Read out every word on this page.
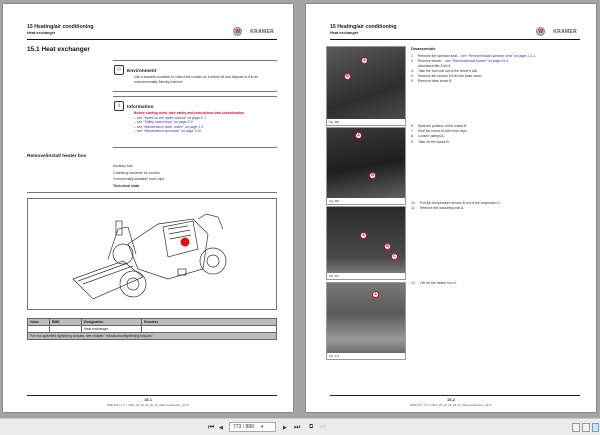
15 Heating/air conditioning
Heat exchanger	W KRAMER
15.1 Heat exchanger
♲	Environment
Use a suitable container to collect the coolant as it drains off and dispose of it in an environmentally friendly manner!
i	Information
Before starting work, take safety and instructions into consideration
– see "Notes on the repair manual" on page E-1
– see "Safety instructions" on page E-6
– see "Maintenance work, notice" on page 1-1
– see "Maintenance accesses" on page 1-20
Remove/install heater box
Auxiliary tool:
Collecting container for coolant
Commercially-available hose clips
Technical data
Value	BMK	Designation	Remarks
		Heat exchanger	
For non-specified tightening torques, see chapter "Introduction/tightening torques"			
15-1
RHB 415 * 1.0 * vr922_24_20_20_20_15_Waermetauscher_a4.fm
15 Heating/air conditioning
Heat exchanger	W KRAMER
A
B
Fig. 968
A
B
Fig. 969
A
B
C
Fig. 970
A
Fig. 971
Disassemble
1.	Remove the operator seat – see "Remove/install operator seat" on page 1-4-1.
2.	Remove blower – see "Remove/install blower" on page 15-4
Arbeitsschritte 3 bis 5.
3.	Take the foot mat out of the driver's cab.
4.	Remove the screws A from the base sheet.
5.	Remove base sheet B.
6.	Mark the position of the hoses B.
7.	Seal the hoses B with hose clips.
8.	Loosen clamps A.
9.	Take off the hoses B.
10.	Pull the temperature sensor B out of the evaporator C.
11.	Remove the insulating mat A.
12.	Lift out the heater box A.
15-2
RHB 415 * 1.0 * vr922_24_20_20_20_15_Waermetauscher_a4.fm
⏮ ◀	773 / 888	▾	▶ ⏭ ⧉ ▭
